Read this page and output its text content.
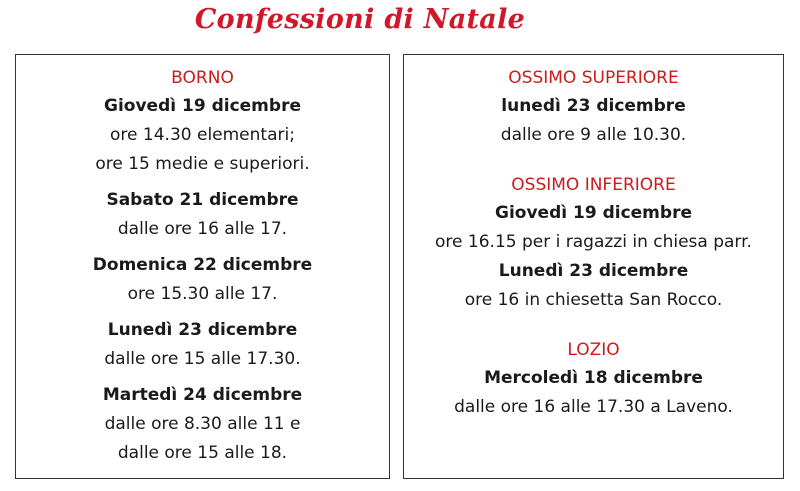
Confessioni di Natale
BORNO
Giovedì 19 dicembre
ore 14.30 elementari;
ore 15 medie e superiori.
Sabato 21 dicembre
dalle ore 16 alle 17.
Domenica 22 dicembre
ore 15.30 alle 17.
Lunedì 23 dicembre
dalle ore 15 alle 17.30.
Martedì 24 dicembre
dalle ore 8.30 alle 11 e
dalle ore 15 alle 18.
OSSIMO SUPERIORE
lunedì 23 dicembre
dalle ore 9 alle 10.30.
OSSIMO INFERIORE
Giovedì 19 dicembre
ore 16.15 per i ragazzi in chiesa parr.
Lunedì 23 dicembre
ore 16 in chiesetta San Rocco.
LOZIO
Mercoledì 18 dicembre
dalle ore 16 alle 17.30 a Laveno.
